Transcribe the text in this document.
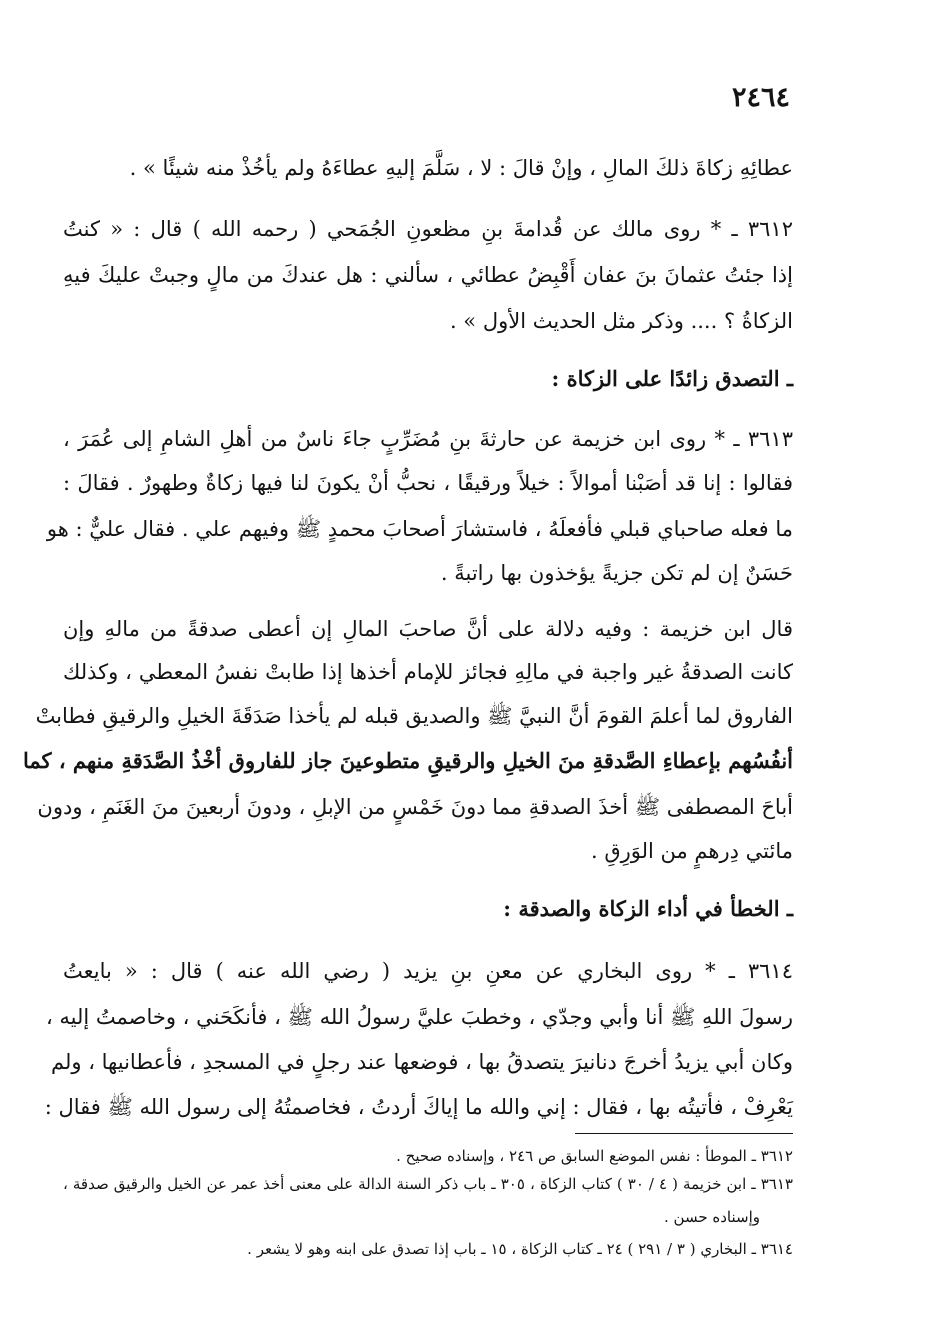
٢٤٦٤
عطائِهِ زكاةَ ذلكَ المالِ ، وإنْ قالَ : لا ، سَلَّمَ إليهِ عطاءَهُ ولم يأخُذْ منه شيئًا » .
٣٦١٢ ـ * روى مالك عن قُدامةَ بنِ مظعونِ الجُمَحي ( رحمه الله ) قال : « كنتُ
إذا جئتُ عثمانَ بنَ عفان أَقْبِضُ عطائي ، سألني : هل عندكَ من مالٍ وجبتْ عليكَ فيهِ
الزكاةُ ؟ .... وذكر مثل الحديث الأول » .
ـ التصدق زائدًا على الزكاة :
٣٦١٣ ـ * روى ابن خزيمة عن حارثةَ بنِ مُضَرِّبٍ جاءَ ناسٌ من أهلِ الشامِ إلى عُمَرَ ،
فقالوا : إنا قد أصَبْنا أموالاً : خيلاً ورقيقًا ، نحبُّ أنْ يكونَ لنا فيها زكاةٌ وطهورٌ . فقالَ :
ما فعله صاحباي قبلي فأفعلَهُ ، فاستشارَ أصحابَ محمدٍ ﷺ وفيهم علي . فقال عليٌّ : هو
حَسَنٌ إن لم تكن جزيةً يؤخذون بها راتبةً .
قال ابن خزيمة : وفيه دلالة على أنَّ صاحبَ المالِ إن أعطى صدقةً من مالهِ وإن
كانت الصدقةُ غير واجبة في مالِهِ فجائز للإمام أخذها إذا طابتْ نفسُ المعطي ، وكذلك
الفاروق لما أعلمَ القومَ أنَّ النبيَّ ﷺ والصديق قبله لم يأخذا صَدَقَةَ الخيلِ والرقيقِ فطابتْ
أنفُسُهم بإعطاءِ الصَّدقةِ منَ الخيلِ والرقيقِ متطوعينَ جاز للفاروق أخْذُ الصَّدَقةِ منهم ، كما
أباحَ المصطفى ﷺ أخذَ الصدقةِ مما دونَ خَمْسٍ من الإبلِ ، ودونَ أربعينَ منَ الغَنَمِ ، ودون
مائتي دِرهمٍ من الوَرِقِ .
ـ الخطأ في أداء الزكاة والصدقة :
٣٦١٤ ـ * روى البخاري عن معنِ بنِ يزيد ( رضي الله عنه ) قال : « بايعتُ
رسولَ اللهِ ﷺ أنا وأبي وجدّي ، وخطبَ عليَّ رسولُ الله ﷺ ، فأنكَحَني ، وخاصمتُ إليه ،
وكان أبي يزيدُ أخرجَ دنانيرَ يتصدقُ بها ، فوضعها عند رجلٍ في المسجدِ ، فأعطانيها ، ولم
يَعْرِفْ ، فأتيتُه بها ، فقال : إني والله ما إياكَ أردتُ ، فخاصمتُهُ إلى رسول الله ﷺ فقال :
٣٦١٢ ـ الموطأ : نفس الموضع السابق ص ٢٤٦ ، وإسناده صحيح .
٣٦١٣ ـ ابن خزيمة ( ٤ / ٣٠ ) كتاب الزكاة ، ٣٠٥ ـ باب ذكر السنة الدالة على معنى أخذ عمر عن الخيل والرقيق صدقة ،
وإسناده حسن .
٣٦١٤ ـ البخاري ( ٣ / ٢٩١ ) ٢٤ ـ كتاب الزكاة ، ١٥ ـ باب إذا تصدق على ابنه وهو لا يشعر .
